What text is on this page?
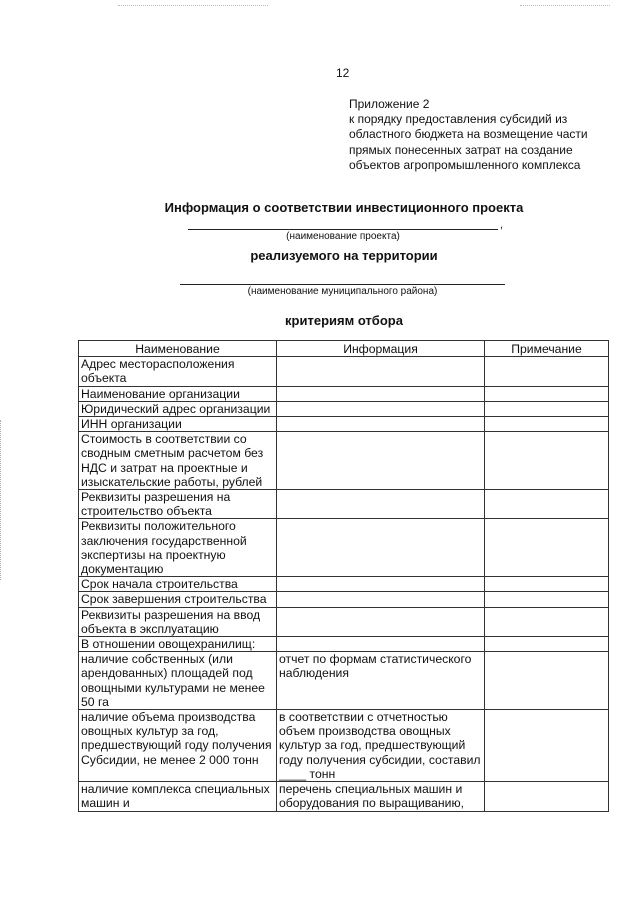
12
Приложение 2
к порядку предоставления субсидий из
областного бюджета на возмещение части
прямых понесенных затрат на создание
объектов агропромышленного комплекса
Информация о соответствии инвестиционного проекта
,
(наименование проекта)
реализуемого на территории
(наименование муниципального района)
критериям отбора
Наименование	Информация	Примечание
Адрес месторасположения объекта		
Наименование организации		
Юридический адрес организации		
ИНН организации		
Стоимость в соответствии со сводным сметным расчетом без НДС и затрат на проектные и изыскательские работы, рублей		
Реквизиты разрешения на строительство объекта		
Реквизиты положительного заключения государственной экспертизы на проектную документацию		
Срок начала строительства		
Срок завершения строительства		
Реквизиты разрешения на ввод объекта в эксплуатацию		
В отношении овощехранилищ:		
наличие собственных (или арендованных) площадей под овощными культурами не менее 50 га	отчет по формам статистического наблюдения	
наличие объема производства овощных культур за год, предшествующий году получения Субсидии, не менее 2 000 тонн	в соответствии с отчетностью объем производства овощных культур за год, предшествующий году получения субсидии, составил ____ тонн	
наличие комплекса специальных машин и	перечень специальных машин и оборудования по выращиванию,	
